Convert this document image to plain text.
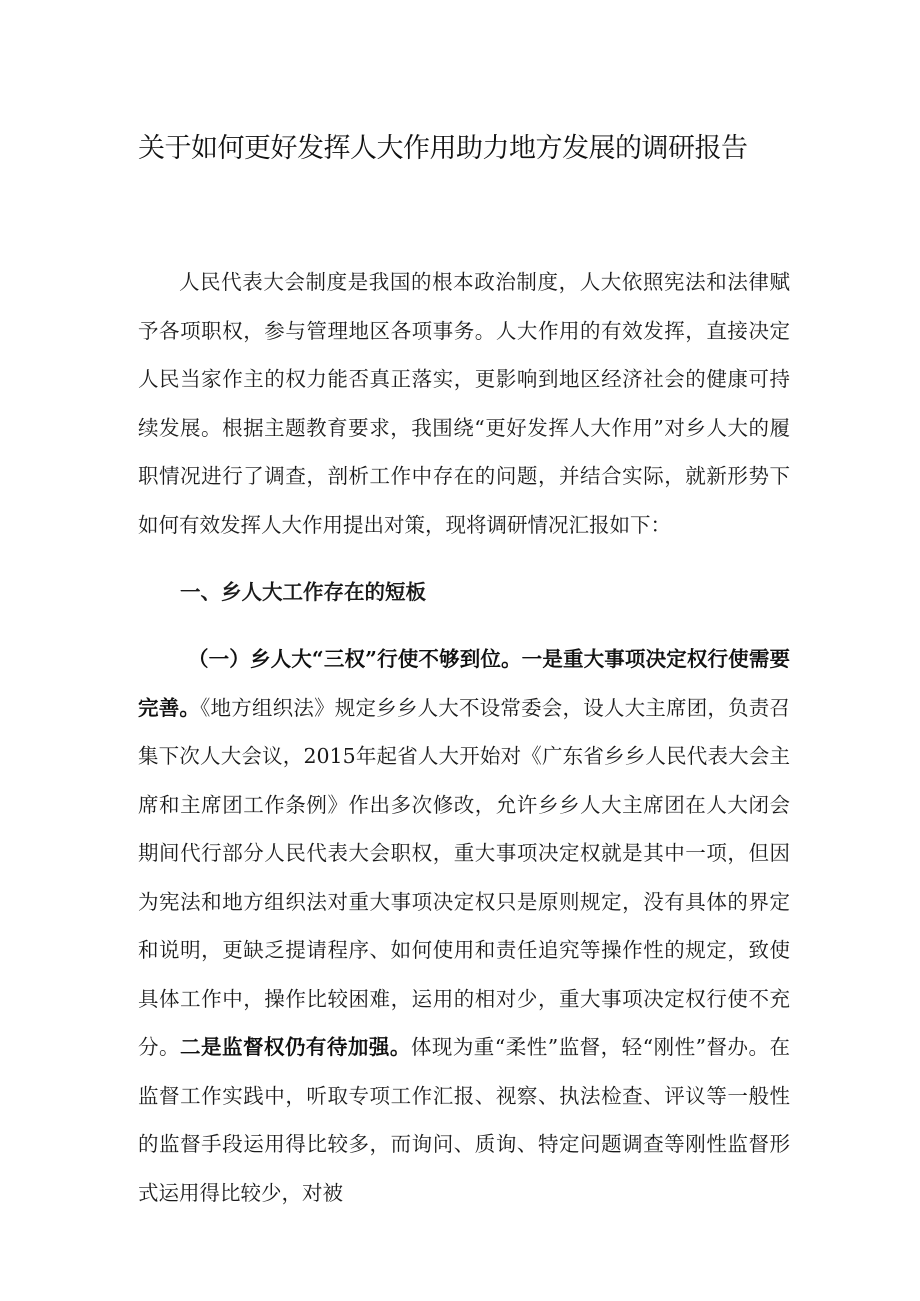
关于如何更好发挥人大作用助力地方发展的调研报告
人民代表大会制度是我国的根本政治制度，人大依照宪法和法律赋予各项职权，参与管理地区各项事务。人大作用的有效发挥，直接决定人民当家作主的权力能否真正落实，更影响到地区经济社会的健康可持续发展。根据主题教育要求，我围绕“更好发挥人大作用”对乡人大的履职情况进行了调查，剖析工作中存在的问题，并结合实际，就新形势下如何有效发挥人大作用提出对策，现将调研情况汇报如下：
一、乡人大工作存在的短板
（一）乡人大“三权”行使不够到位。一是重大事项决定权行使需要完善。《地方组织法》规定乡乡人大不设常委会，设人大主席团，负责召集下次人大会议，2015年起省人大开始对《广东省乡乡人民代表大会主席和主席团工作条例》作出多次修改，允许乡乡人大主席团在人大闭会期间代行部分人民代表大会职权，重大事项决定权就是其中一项，但因为宪法和地方组织法对重大事项决定权只是原则规定，没有具体的界定和说明，更缺乏提请程序、如何使用和责任追究等操作性的规定，致使具体工作中，操作比较困难，运用的相对少，重大事项决定权行使不充分。二是监督权仍有待加强。体现为重“柔性”监督，轻“刚性”督办。在监督工作实践中，听取专项工作汇报、视察、执法检查、评议等一般性的监督手段运用得比较多，而询问、质询、特定问题调查等刚性监督形式运用得比较少，对被
